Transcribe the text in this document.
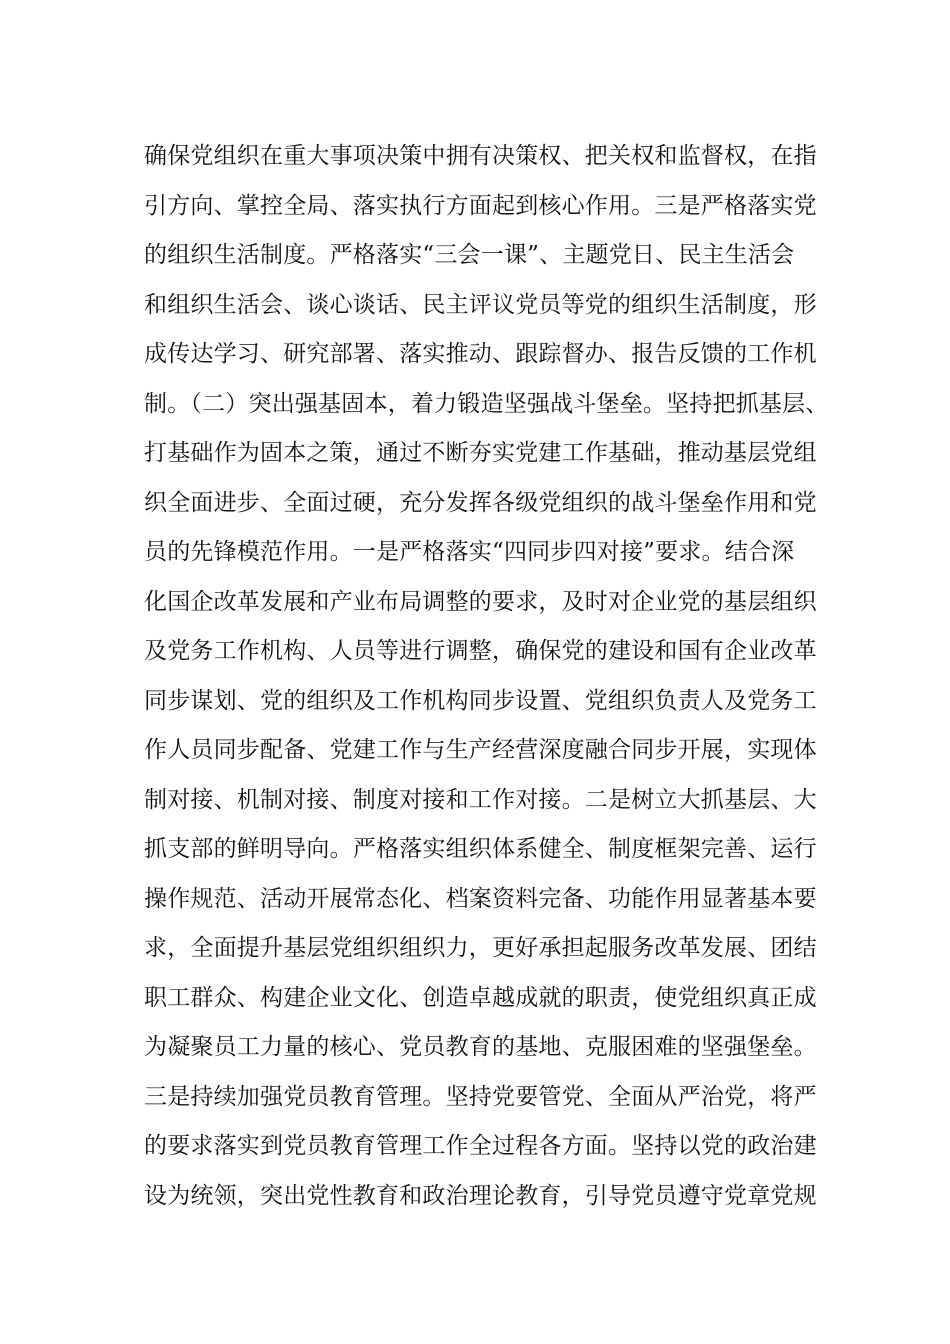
确保党组织在重大事项决策中拥有决策权、把关权和监督权，在指
引方向、掌控全局、落实执行方面起到核心作用。三是严格落实党
的组织生活制度。严格落实“三会一课”、主题党日、民主生活会
和组织生活会、谈心谈话、民主评议党员等党的组织生活制度，形
成传达学习、研究部署、落实推动、跟踪督办、报告反馈的工作机
制。（二）突出强基固本，着力锻造坚强战斗堡垒。坚持把抓基层、
打基础作为固本之策，通过不断夯实党建工作基础，推动基层党组
织全面进步、全面过硬，充分发挥各级党组织的战斗堡垒作用和党
员的先锋模范作用。一是严格落实“四同步四对接”要求。结合深
化国企改革发展和产业布局调整的要求，及时对企业党的基层组织
及党务工作机构、人员等进行调整，确保党的建设和国有企业改革
同步谋划、党的组织及工作机构同步设置、党组织负责人及党务工
作人员同步配备、党建工作与生产经营深度融合同步开展，实现体
制对接、机制对接、制度对接和工作对接。二是树立大抓基层、大
抓支部的鲜明导向。严格落实组织体系健全、制度框架完善、运行
操作规范、活动开展常态化、档案资料完备、功能作用显著基本要
求，全面提升基层党组织组织力，更好承担起服务改革发展、团结
职工群众、构建企业文化、创造卓越成就的职责，使党组织真正成
为凝聚员工力量的核心、党员教育的基地、克服困难的坚强堡垒。
三是持续加强党员教育管理。坚持党要管党、全面从严治党，将严
的要求落实到党员教育管理工作全过程各方面。坚持以党的政治建
设为统领，突出党性教育和政治理论教育，引导党员遵守党章党规
